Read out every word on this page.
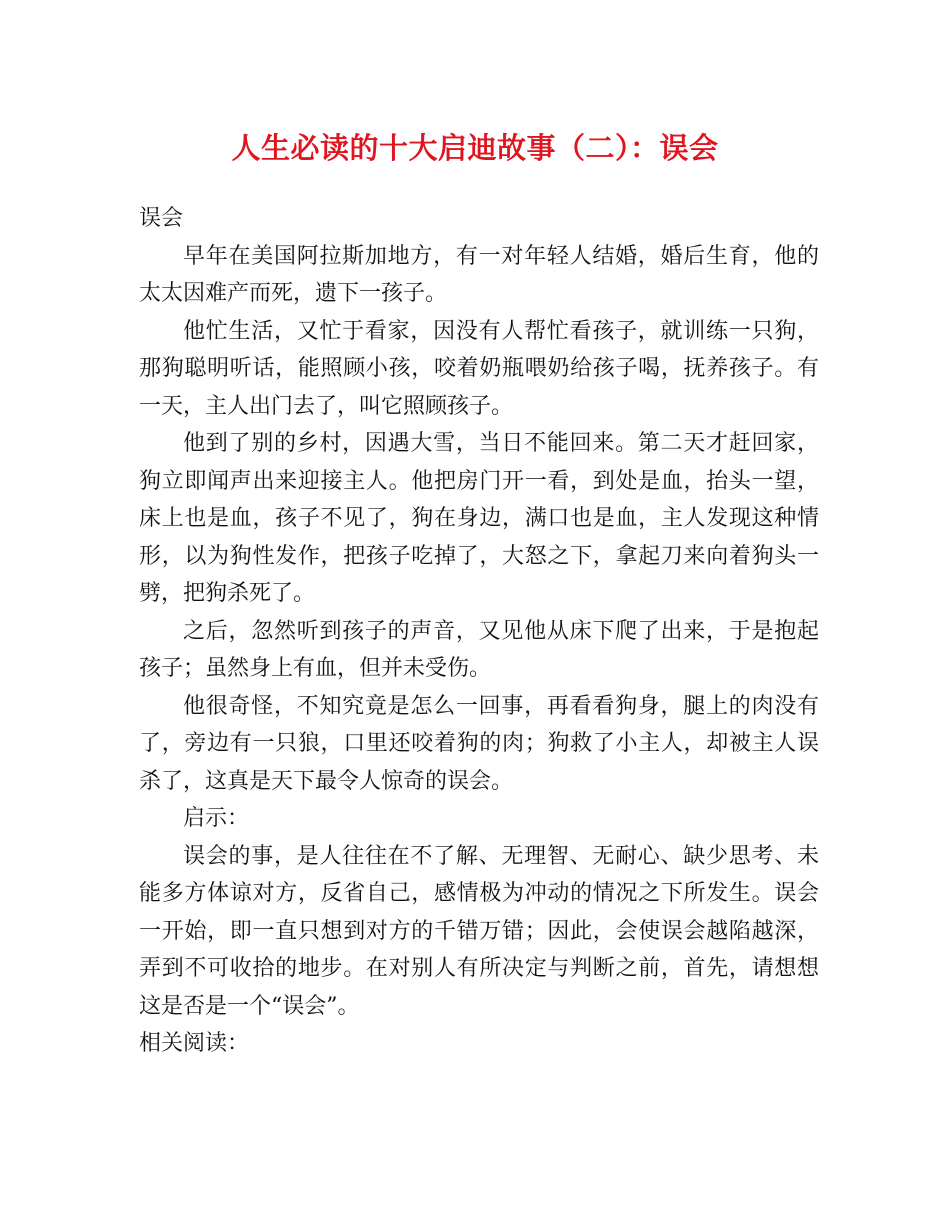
人生必读的十大启迪故事（二）：误会

误会

早年在美国阿拉斯加地方，有一对年轻人结婚，婚后生育，他的太太因难产而死，遗下一孩子。

他忙生活，又忙于看家，因没有人帮忙看孩子，就训练一只狗，那狗聪明听话，能照顾小孩，咬着奶瓶喂奶给孩子喝，抚养孩子。有一天，主人出门去了，叫它照顾孩子。

他到了别的乡村，因遇大雪，当日不能回来。第二天才赶回家，狗立即闻声出来迎接主人。他把房门开一看，到处是血，抬头一望，床上也是血，孩子不见了，狗在身边，满口也是血，主人发现这种情形，以为狗性发作，把孩子吃掉了，大怒之下，拿起刀来向着狗头一劈，把狗杀死了。

之后，忽然听到孩子的声音，又见他从床下爬了出来，于是抱起孩子；虽然身上有血，但并未受伤。

他很奇怪，不知究竟是怎么一回事，再看看狗身，腿上的肉没有了，旁边有一只狼，口里还咬着狗的肉；狗救了小主人，却被主人误杀了，这真是天下最令人惊奇的误会。

启示：

误会的事，是人往往在不了解、无理智、无耐心、缺少思考、未能多方体谅对方，反省自己，感情极为冲动的情况之下所发生。误会一开始，即一直只想到对方的千错万错；因此，会使误会越陷越深，弄到不可收拾的地步。在对别人有所决定与判断之前，首先，请想想这是否是一个“误会”。

相关阅读：
